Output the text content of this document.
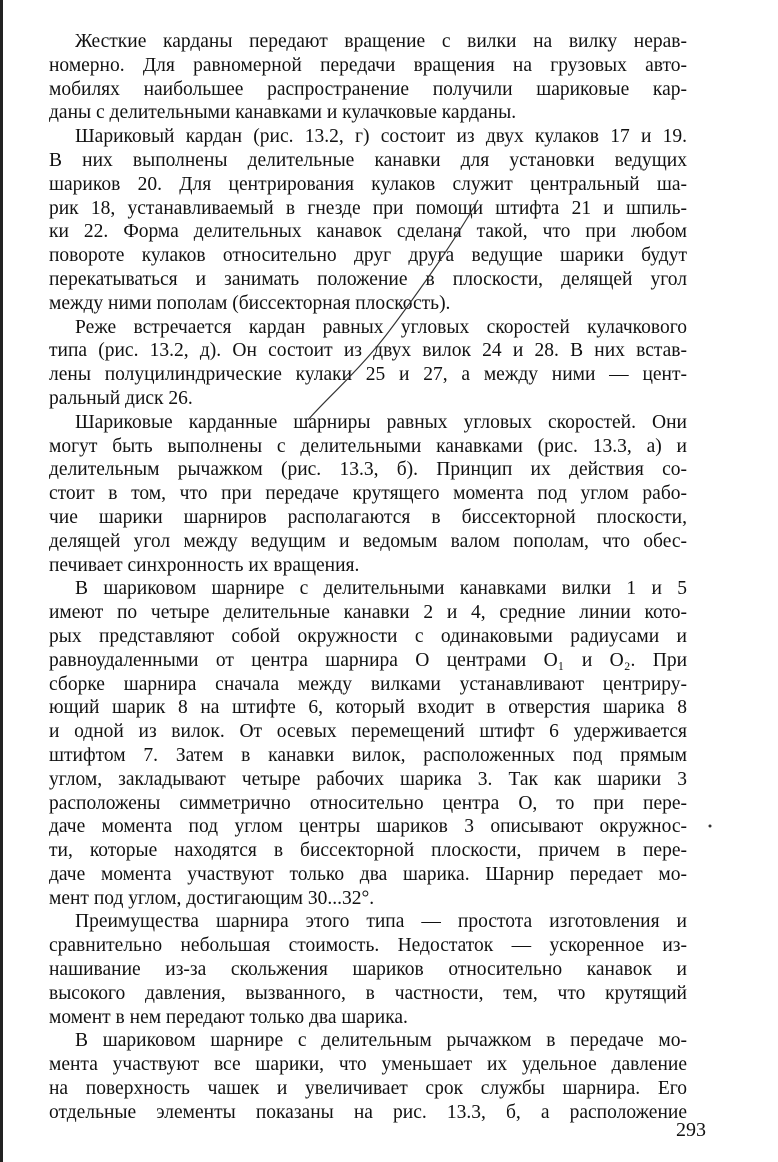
Жесткие карданы передают вращение с вилки на вилку нерав-
номерно. Для равномерной передачи вращения на грузовых авто-
мобилях наибольшее распространение получили шариковые кар-
даны с делительными канавками и кулачковые карданы.
Шариковый кардан (рис. 13.2, г) состоит из двух кулаков 17 и 19.
В них выполнены делительные канавки для установки ведущих
шариков 20. Для центрирования кулаков служит центральный ша-
рик 18, устанавливаемый в гнезде при помощи штифта 21 и шпиль-
ки 22. Форма делительных канавок сделана такой, что при любом
повороте кулаков относительно друг друга ведущие шарики будут
перекатываться и занимать положение в плоскости, делящей угол
между ними пополам (биссекторная плоскость).
Реже встречается кардан равных угловых скоростей кулачкового
типа (рис. 13.2, д). Он состоит из двух вилок 24 и 28. В них встав-
лены полуцилиндрические кулаки 25 и 27, а между ними — цент-
ральный диск 26.
Шариковые карданные шарниры равных угловых скоростей. Они
могут быть выполнены с делительными канавками (рис. 13.3, а) и
делительным рычажком (рис. 13.3, б). Принцип их действия со-
стоит в том, что при передаче крутящего момента под углом рабо-
чие шарики шарниров располагаются в биссекторной плоскости,
делящей угол между ведущим и ведомым валом пополам, что обес-
печивает синхронность их вращения.
В шариковом шарнире с делительными канавками вилки 1 и 5
имеют по четыре делительные канавки 2 и 4, средние линии кото-
рых представляют собой окружности с одинаковыми радиусами и
равноудаленными от центра шарнира O центрами O₁ и O₂. При
сборке шарнира сначала между вилками устанавливают центриру-
ющий шарик 8 на штифте 6, который входит в отверстия шарика 8
и одной из вилок. От осевых перемещений штифт 6 удерживается
штифтом 7. Затем в канавки вилок, расположенных под прямым
углом, закладывают четыре рабочих шарика 3. Так как шарики 3
расположены симметрично относительно центра O, то при пере-
даче момента под углом центры шариков 3 описывают окружнос-
ти, которые находятся в биссекторной плоскости, причем в пере-
даче момента участвуют только два шарика. Шарнир передает мо-
мент под углом, достигающим 30...32°.
Преимущества шарнира этого типа — простота изготовления и
сравнительно небольшая стоимость. Недостаток — ускоренное из-
нашивание из-за скольжения шариков относительно канавок и
высокого давления, вызванного, в частности, тем, что крутящий
момент в нем передают только два шарика.
В шариковом шарнире с делительным рычажком в передаче мо-
мента участвуют все шарики, что уменьшает их удельное давление
на поверхность чашек и увеличивает срок службы шарнира. Его
отдельные элементы показаны на рис. 13.3, б, а расположение
293
